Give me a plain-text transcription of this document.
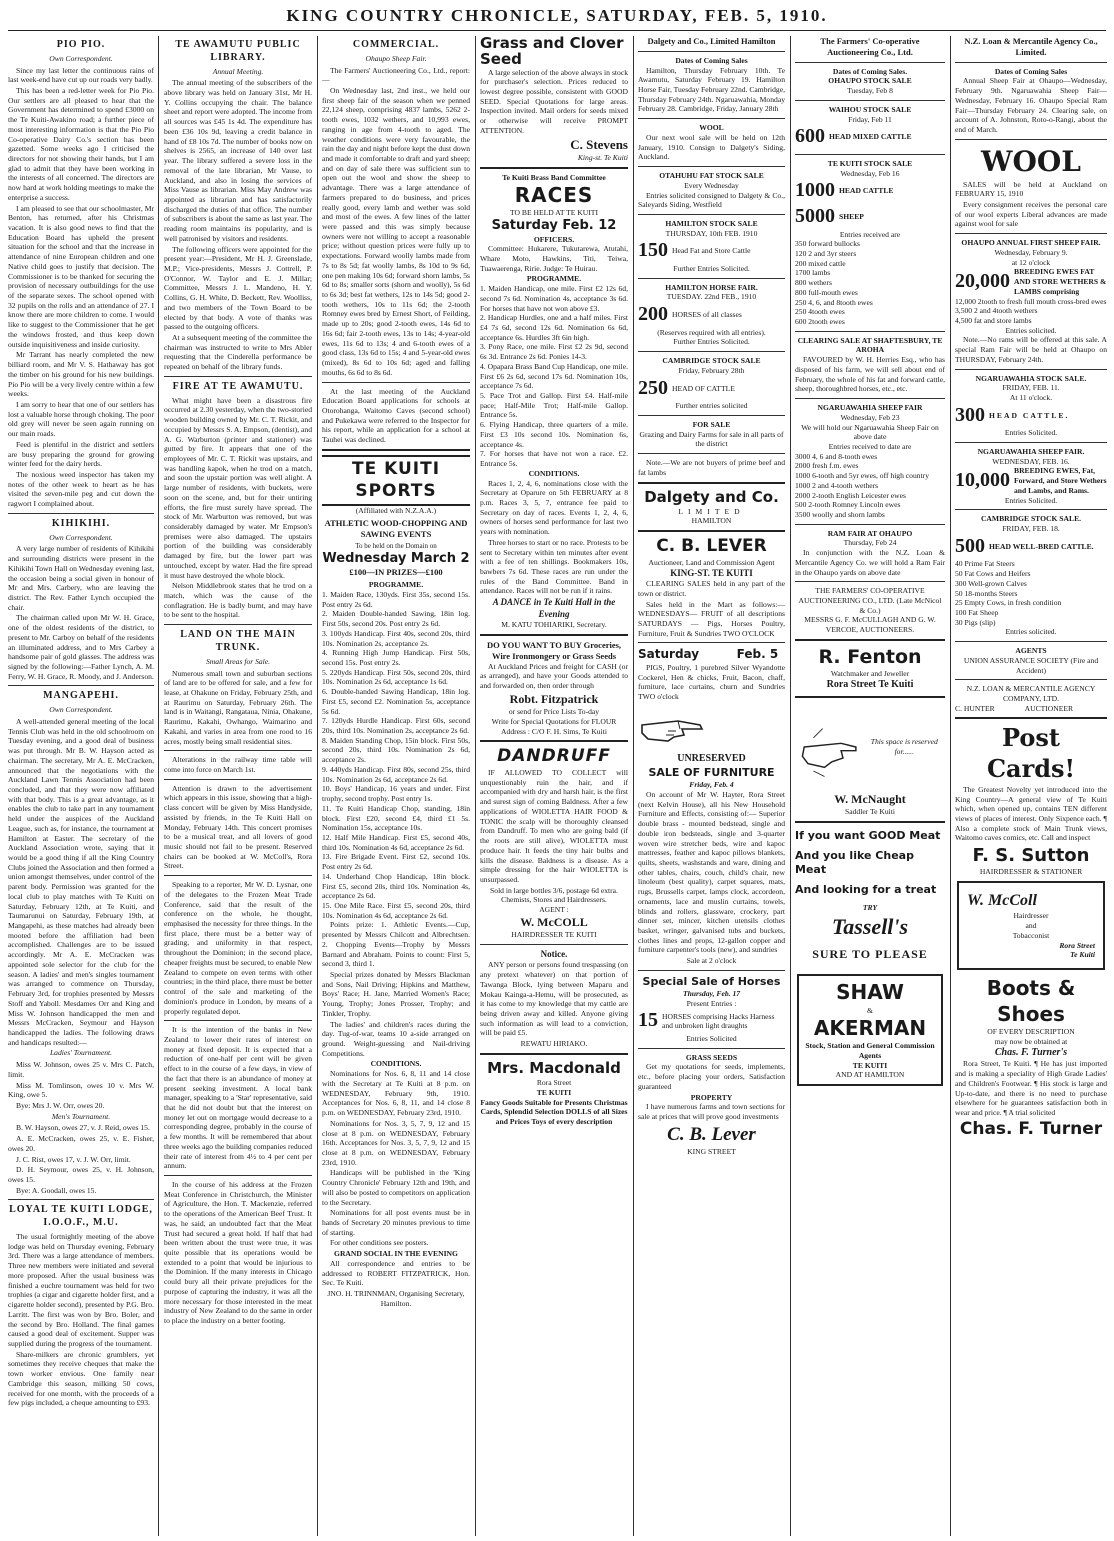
KING COUNTRY CHRONICLE, SATURDAY, FEB. 5, 1910.
PIO PIO.
Own Correspondent.

Since my last letter the continuous rains of last week-end have cut up our roads very badly.

This has been a red-letter week for Pio Pio. Our settlers are all pleased to hear that the Government has determined to spend £3000 on the Te Kuiti-Awakino road; a further piece of most interesting information is that the Pio Pio Co-operative Dairy Co.'s section has been gazetted. Some weeks ago I criticised the directors for not showing their hands, but I am glad to admit that they have been working in the interests of all concerned. The directors are now hard at work holding meetings to make the enterprise a success.

I am pleased to see that our schoolmaster, Mr Benton, has returned, after his Christmas vacation. It is also good news to find that the Education Board has upheld the present situation for the school and that the increase in attendance of nine European children and one Native child goes to justify that decision. The Commissioner is to be thanked for securing the provision of necessary outbuildings for the use of the separate sexes. The school opened with 32 pupils on the rolls and an attendance of 27. I know there are more children to come. I would like to suggest to the Commissioner that he get the windows frosted, and thus keep down outside inquisitiveness and inside curiosity.

Mr Tarrant has nearly completed the new billiard room, and Mr V. S. Hathaway has got the timber on his ground for his new buildings. Pio Pio will be a very lively centre within a few weeks.

I am sorry to hear that one of our settlers has lost a valuable horse through choking. The poor old grey will never be seen again running on our main roads.

Feed is plentiful in the district and settlers are busy preparing the ground for growing winter feed for the dairy herds.

The noxious weed inspector has taken my notes of the other week to heart as he has visited the seven-mile peg and cut down the ragwort I complained about.

KIHIKIHI.
Own Correspondent.

A very large number of residents of Kihikihi and surrounding districts were present in the Kihikihi Town Hall on Wednesday evening last, the occasion being a social given in honour of Mr and Mrs. Carbery, who are leaving the district. The Rev. Father Lynch occupied the chair.

The chairman called upon Mr W. H. Grace, one of the oldest residents of the district, to present to Mr. Carboy on behalf of the residents an illuminated address, and to Mrs Carbey a handsome pair of gold glasses. The address was signed by the following:—Father Lynch, A. M. Ferry, W. H. Grace, R. Moody, and J. Anderson.

MANGAPEHI.
Own Correspondent.

A well-attended general meeting of the local Tennis Club was held in the old schoolroom on Tuesday evening, and a good deal of business was put through. Mr B. W. Hayson acted as chairman. The secretary, Mr A. E. McCracken, announced that the negotiations with the Auckland Lawn Tennis Association had been concluded, and that they were now affiliated with that body. This is a great advantage, as it enables the club to take part in any tournament held under the auspices of the Auckland League, such as, for instance, the tournament at Hamilton at Easter. The secretary of the Auckland Association wrote, saying that it would be a good thing if all the King Country Clubs joined the Association and then formed a union amongst themselves, under control of the parent body. Permission was granted for the local club to play matches with Te Kuiti on Saturday, February 12th, at Te Kuiti, and Taumarunui on Saturday, February 19th, at Mangapehi, as these matches had already been mooted before the affiliation had been accomplished. Challenges are to be issued accordingly. Mr A. E. McCracken was appointed sole selector for the club for the season. A ladies' and men's singles tournament was arranged to commence on Thursday, February 3rd, for trophies presented by Messrs Stoff and Yaboll. Mesdames Orr and King and Miss W. Johnson handicapped the men and Messrs McCracken, Seymour and Hayson handicapped the ladies. The following draws and handicaps resulted:—

Ladies' Tournament.

Miss W. Johnson, owes 25 v. Mrs C. Patch, limit.

Miss M. Tomlinson, owes 10 v. Mrs W. King, owe 5.

Bye: Mrs J. W. Orr, owes 20.

Men's Tournament.

B. W. Hayson, owes 27, v. J. Reid, owes 15.

A. E. McCracken, owes 25, v. E. Fisher, owes 20.

J. C. Rist, owes 17, v. J. W. Orr, limit.

D. H. Seymour, owes 25, v. H. Johnson, owes 15.

Bye: A. Goodall, owes 15.

LOYAL TE KUITI LODGE, I.O.O.F., M.U.

The usual fortnightly meeting of the above lodge was held on Thursday evening, February 3rd. There was a large attendance of members. Three new members were initiated and several more proposed. After the usual business was finished a euchre tournament was held for two trophies (a cigar and cigarette holder first, and a cigarette holder second), presented by P.G. Bro. Larritt. The first was won by Bro. Boler, and the second by Bro. Holland. The final games caused a good deal of excitement. Supper was supplied during the progress of the tournament.

Share-milkers are chronic grumblers, yet sometimes they receive cheques that make the town worker envious. One family near Cambridge this season, milking 50 cows, received for one month, with the proceeds of a few pigs included, a cheque amounting to £93.

TE AWAMUTU PUBLIC LIBRARY.
Annual Meeting.

The annual meeting of the subscribers of the above library was held on January 31st, Mr H. Y. Collins occupying the chair. The balance sheet and report were adopted. The income from all sources was £45 1s 4d. The expenditure has been £36 10s 9d, leaving a credit balance in hand of £8 10s 7d. The number of books now on shelves is 2565, an increase of 140 over last year. The library suffered a severe loss in the removal of the late librarian, Mr Vause, to Auckland, and also in losing the services of Miss Vause as librarian. Miss May Andrew was appointed as librarian and has satisfactorily discharged the duties of that office. The number of subscribers is about the same as last year. The reading room maintains its popularity, and is well patronised by visitors and residents.

The following officers were appointed for the present year:—President, Mr H. J. Greenslade, M.P.; Vice-presidents, Messrs J. Cottrell, P. O'Connor, W. Taylor and E. J. Millar; Committee, Messrs J. L. Mandeno, H. Y. Collins, G. H. White, D. Beckett, Rev. Woolliss, and two members of the Town Board to be elected by that body. A vote of thanks was passed to the outgoing officers.

At a subsequent meeting of the committee the chairman was instructed to write to Mrs Abler requesting that the Cinderella performance be repeated on behalf of the library funds.

FIRE AT TE AWAMUTU.

What might have been a disastrous fire occurred at 2.30 yesterday, when the two-storied wooden building owned by Mr. C. T. Rickit, and occupied by Messrs S. A. Empson, (dentist), and A. G. Warburton (printer and stationer) was gutted by fire. It appears that one of the employees of Mr. C. T. Rickit was upstairs, and was handling kapok, when he trod on a match, and soon the upstair portion was well alight. A large number of residents, with buckets, were soon on the scene, and, but for their untiring efforts, the fire must surely have spread. The stock of Mr. Warburton was removed, but was considerably damaged by water. Mr Empson's premises were also damaged. The upstairs portion of the building was considerably damaged by fire, but the lower part was untouched, except by water. Had the fire spread it must have destroyed the whole block.

Nelson Middlebrook states that he trod on a match, which was the cause of the conflagration. He is badly burnt, and may have to be sent to the hospital.

LAND ON THE MAIN TRUNK.
Small Areas for Sale.

Numerous small town and suburban sections of land are to be offered for sale, and a few for lease, at Ohakune on Friday, February 25th, and at Raurimu on Saturday, February 26th. The land is in Waitangi, Rangataua, Ninia, Ohakune, Raurimu, Kakahi, Owhango, Waimarino and Kakahi, and varies in area from one rood to 16 acres, mostly being small residential sites.

Alterations in the railway time table will come into force on March 1st.

Attention is drawn to the advertisement which appears in this issue, showing that a high-class concert will be given by Miss Handyside, assisted by friends, in the Te Kuiti Hall on Monday, February 14th. This concert promises to be a musical treat, and all lovers of good music should not fail to be present. Reserved chairs can be booked at W. McColl's, Rora Street.

Speaking to a reporter, Mr W. D. Lysnar, one of the delegates to the Frozen Meat Trade Conference, said that the result of the conference on the whole, he thought, emphasised the necessity for three things. In the first place, there must be a better way of grading, and uniformity in that respect, throughout the Dominion; in the second place, cheaper freights must be secured, to enable New Zealand to compete on even terms with other countries; in the third place, there must be better control of the sale and marketing of the dominion's produce in London, by means of a properly regulated depot.

It is the intention of the banks in New Zealand to lower their rates of interest on money at fixed deposit. It is expected that a reduction of one-half per cent will be given effect to in the course of a few days, in view of the fact that there is an abundance of money at present seeking investment. A local bank manager, speaking to a 'Star' representative, said that he did not doubt but that the interest on money let out on mortgage would decrease to a corresponding degree, probably in the course of a few months. It will be remembered that about three weeks ago the building companies reduced their rate of interest from 4½ to 4 per cent per annum.

In the course of his address at the Frozen Meat Conference in Christchurch, the Minister of Agriculture, the Hon. T. Mackenzie, referred to the operations of the American Beef Trust. It was, he said, an undoubted fact that the Meat Trust had secured a great hold. If half that had been written about the trust were true, it was quite possible that its operations would be extended to a point that would be injurious to the Dominion. If the many interests in Chicago could bury all their private prejudices for the purpose of capturing the industry, it was all the more necessary for those interested in the meat industry of New Zealand to do the same in order to place the industry on a better footing.

COMMERCIAL.
Ohaupo Sheep Fair.

The Farmers' Auctioneering Co., Ltd., report:—

On Wednesday last, 2nd inst., we held our first sheep fair of the season when we penned 22,124 sheep, comprising 4837 lambs, 5262 2-tooth ewes, 1032 wethers, and 10,993 ewes, ranging in age from 4-tooth to aged. The weather conditions were very favourable, the rain the day and night before kept the dust down and made it comfortable to draft and yard sheep; and on day of sale there was sufficient sun to open out the wool and show the sheep to advantage. There was a large attendance of farmers prepared to do business, and prices really good, every lamb and wether was sold and most of the ewes. A few lines of the latter were passed and this was simply because owners were not willing to accept a reasonable price; without question prices were fully up to expectations. Forward woolly lambs made from 7s to 8s 5d; fat woolly lambs, 8s 10d to 9s 6d, one pen making 10s 6d; forward shorn lambs, 5s 6d to 8s; smaller sorts (shorn and woolly), 5s 6d to 6s 3d; best fat wethers, 12s to 14s 5d; good 2-tooth wethers, 10s to 11s 6d; the 2-tooth Romney ewes bred by Ernest Short, of Feilding, made up to 20s; good 2-tooth ewes, 14s 6d to 16s 6d; fair 2-tooth ewes, 13s to 14s; 4-year-old ewes, 11s 6d to 13s; 4 and 6-tooth ewes of a good class, 13s 6d to 15s; 4 and 5-year-old ewes (mixed), 8s 6d to 10s 6d; aged and falling mouths, 6s 6d to 8s 6d.

At the last meeting of the Auckland Education Board applications for schools at Otorohanga, Waitomo Caves (second school) and Pukekawa were referred to the Inspector for his report, while an application for a school at Tauhei was declined.

TE KUITI SPORTS
(Affiliated with N.Z.A.A.)
ATHLETIC WOOD-CHOPPING AND SAWING EVENTS
To be held on the Domain on
Wednesday March 2
£100—IN PRIZES—£100
PROGRAMME.
1. Maiden Race, 130yds. First 35s, second 15s. Post entry 2s 6d.
2. Maiden Double-handed Sawing, 18in log. First 50s, second 20s. Post entry 2s 6d.
3. 100yds Handicap. First 40s, second 20s, third 10s. Nomination 2s, acceptance 2s.
4. Running High Jump Handicap. First 50s, second 15s. Post entry 2s.
5. 220yds Handicap. First 50s, second 20s, third 10s. Nomination 2s 6d, acceptance 1s 6d.
6. Double-handed Sawing Handicap, 18in log. First £5, second £2. Nomination 5s, acceptance 5s 6d.
7. 120yds Hurdle Handicap. First 60s, second 20s, third 10s. Nomination 2s, acceptance 2s 6d.
8. Maiden Standing Chop, 15in block. First 50s, second 20s, third 10s. Nomination 2s 6d, acceptance 2s.
9. 440yds Handicap. First 80s, second 25s, third 10s. Nomination 2s 6d, acceptance 2s 6d.
10. Boys' Handicap, 16 years and under. First trophy, second trophy. Post entry 1s.
11. Te Kuiti Handicap Chop, standing, 18in block. First £20, second £4, third £1 5s. Nomination 15s, acceptance 10s.
12. Half Mile Handicap. First £5, second 40s, third 10s. Nomination 4s 6d, acceptance 2s 6d.
13. Fire Brigade Event. First £2, second 10s. Post entry 2s 6d.
14. Underhand Chop Handicap, 18in block. First £5, second 20s, third 10s. Nomination 4s, acceptance 2s 6d.
15. One Mile Race. First £5, second 20s, third 10s. Nomination 4s 6d, acceptance 2s 6d.

Points prize: 1. Athletic Events.—Cup, presented by Messrs Chilcott and Albrechtsen. 2. Chopping Events—Trophy by Messrs Barnard and Abraham. Points to count: First 5, second 3, third 1.

Special prizes donated by Messrs Blackman and Sons, Nail Driving; Hipkins and Matthew, Boys' Race; H. Jane, Married Women's Race; Young, Trophy; Jones Prosser, Trophy; and Tinkler, Trophy.

The ladies' and children's races during the day. Tug-of-war, teams 10 a-side arranged on ground. Weight-guessing and Nail-driving Competitions.

CONDITIONS.

Nominations for Nos. 6, 8, 11 and 14 close with the Secretary at Te Kuiti at 8 p.m. on WEDNESDAY, February 9th, 1910. Acceptances for Nos. 6, 8, 11, and 14 close 8 p.m. on WEDNESDAY, February 23rd, 1910.

Nominations for Nos. 3, 5, 7, 9, 12 and 15 close at 8 p.m. on WEDNESDAY, February 16th. Acceptances for Nos. 3, 5, 7, 9, 12 and 15 close at 8 p.m. on WEDNESDAY, February 23rd, 1910.

Handicaps will be published in the 'King Country Chronicle' February 12th and 19th, and will also be posted to competitors on application to the Secretary.

Nominations for all post events must be in hands of Secretary 20 minutes previous to time of starting.

For other conditions see posters.

GRAND SOCIAL IN THE EVENING

All correspondence and entries to be addressed to ROBERT FITZPATRICK, Hon. Sec. Te Kuiti.

JNO. H. TRINNMAN, Organising Secretary, Hamilton.

Grass and Clover Seed

A large selection of the above always in stock for purchaser's selection. Prices reduced to lowest degree possible, consistent with GOOD SEED. Special Quotations for large areas. Inspection invited. Mail orders for seeds mixed or otherwise will receive PROMPT ATTENTION.

C. Stevens
King-st. Te Kuiti
Te Kuiti Brass Band Committee
RACES
TO BE HELD AT TE KUITI
Saturday Feb. 12
OFFICERS.

Committee: Hukarere, Tukutarewa, Atutahi, Whare Moto, Hawkins, Titi, Teiwa, Tuawaerenga, Ririe. Judge: Te Huirau.

PROGRAMME.
1. Maiden Handicap, one mile. First £2 12s 6d, second 7s 6d. Nomination 4s, acceptance 3s 6d. For horses that have not won above £3.
2. Handicap Hurdles, one and a half miles. First £4 7s 6d, second 12s 6d. Nomination 6s 6d, acceptance 6s. Hurdles 3ft 6in high.
3. Pony Race, one mile. First £2 2s 9d, second 6s 3d. Entrance 2s 6d. Ponies 14-3.
4. Opapara Brass Band Cup Handicap, one mile. First £6 2s 6d, second 17s 6d. Nomination 10s, acceptance 7s 6d.
5. Pace Trot and Gallop. First £4. Half-mile pace; Half-Mile Trot; Half-mile Gallop. Entrance 5s.
6. Flying Handicap, three quarters of a mile. First £3 10s second 10s. Nomination 6s, acceptance 4s.
7. For horses that have not won a race. £2. Entrance 5s.
CONDITIONS.

Races 1, 2, 4, 6, nominations close with the Secretary at Oparure on 5th FEBRUARY at 8 p.m. Races 3, 5, 7, entrance fee paid to Secretary on day of races. Events 1, 2, 4, 6, owners of horses send performance for last two years with nomination.

Three horses to start or no race. Protests to be sent to Secretary within ten minutes after event with a fee of ten shillings. Bookmakers 10s, bawbers 7s 6d. These races are run under the rules of the Band Committee. Band in attendance. Races will not be run if it rains.

A DANCE in Te Kuiti Hall in the Evening
M. KATU TOHIARIKI, Secretary.
DO YOU WANT TO BUY Groceries, Wire Ironmongery or Grass Seeds

At Auckland Prices and freight for CASH (or as arranged), and have your Goods attended to and forwarded on, then order through

Robt. Fitzpatrick
or send for Price Lists To-day
Write for Special Quotations for FLOUR
Address : C/O F. H. Sims, Te Kuiti
DANDRUFF

IF ALLOWED TO COLLECT will unquestionably ruin the hair, and if accompanied with dry and harsh hair, is the first and surest sign of coming Baldness. After a few applications of WIOLETTA HAIR FOOD & TONIC the scalp will be thoroughly cleansed from Dandruff. To men who are going bald (if the roots are still alive), WIOLETTA must produce hair. It feeds the tiny hair bulbs and kills the disease. Baldness is a disease. As a simple dressing for the hair WIOLETTA is unsurpassed.

Sold in large bottles 3/6, postage 6d extra. Chemists, Stores and Hairdressers.
AGENT :
W. McCOLL
HAIRDRESSER TE KUITI
Notice.

ANY person or persons found trespassing (on any pretext whatever) on that portion of Tawanga Block, lying between Maparu and Mokau Kainga-a-Hemu, will be prosecuted, as it has come to my knowledge that my cattle are being driven away and killed. Anyone giving such information as will lead to a conviction, will be paid £5.

REWATU HIRIAKO.
Mrs. Macdonald
Rora Street
TE KUITI
Fancy Goods Suitable for Presents Christmas Cards, Splendid Selection DOLLS of all Sizes and Prices Toys of every description
Dalgety and Co., Limited Hamilton
Dates of Coming Sales

Hamilton, Thursday February 10th. Te Awamutu, Saturday February 19. Hamilton Horse Fair, Tuesday February 22nd. Cambridge, Thursday February 24th. Ngaruawahia, Monday February 28. Cambridge, Friday, January 28th

WOOL

Our next wool sale will be held on 12th January, 1910. Consign to Dalgety's Siding, Auckland.

OTAHUHU FAT STOCK SALE
Every Wednesday

Entries solicited consigned to Dalgety & Co., Saleyards Siding, Westfield

HAMILTON STOCK SALE
THURSDAY, 10th FEB. 1910
150 Head Fat and Store Cattle
Further Entries Solicited.
HAMILTON HORSE FAIR.
TUESDAY. 22nd FEB., 1910
200 HORSES of all classes
(Reserves required with all entries).
Further Entries Solicited.
CAMBRIDGE STOCK SALE
Friday, February 28th
250 HEAD OF CATTLE
Further entries solicited
FOR SALE
Grazing and Dairy Farms for sale in all parts of the district

Note.—We are not buyers of prime beef and fat lambs

Dalgety and Co.
LIMITED
HAMILTON
C. B. LEVER
Auctioneer, Land and Commission Agent
KING-ST. TE KUITI

CLEARING SALES held in any part of the town or district.

Sales held in the Mart as follows:— WEDNESDAYS— FRUIT of all descriptions SATURDAYS — Pigs, Horses Poultry, Furniture, Fruit & Sundries TWO O'CLOCK

Saturday         Feb. 5

PIGS, Poultry, 1 purebred Silver Wyandotte Cockerel, Hen & chicks, Fruit, Bacon, chaff, furniture, lace curtains, churn and Sundries TWO o'clock

UNRESERVED
SALE OF FURNITURE
Friday, Feb. 4

On account of Mr W. Hayter, Rora Street (next Kelvin House), all his New Household Furniture and Effects, consisting of:— Superior double brass - mounted bedstead, single and double iron bedsteads, single and 3-quarter woven wire stretcher beds, wire and kapoc mattresses, feather and kapoc pillows blankets, quilts, sheets, washstands and ware, dining and other tables, chairs, couch, child's chair, new linoleum (best quality), carpet squares, mats, rugs, Brussells carpet, lamps clock, accordeon, ornaments, lace and muslin curtains, towels, blinds and rollers, glassware, crockery, part dinner set, mincer, kitchen utensils clothes basket, wringer, galvanised tubs and buckets, clothes lines and props, 12-gallon copper and furniture carpenter's tools (new), and sundries

Sale at 2 o'clock
Special Sale of Horses
Thursday, Feb. 17
Present Entries :
15 HORSES comprising Hacks Harness and unbroken light draughts
Entries Solicited
GRASS SEEDS

Get my quotations for seeds, implements, etc., before placing your orders, Satisfaction guaranteed

PROPERTY

I have numerous farms and town sections for sale at prices that will prove good investments

C. B. Lever
KING STREET
The Farmers' Co-operative Auctioneering Co., Ltd.
Dates of Coming Sales.
OHAUPO STOCK SALE
Tuesday, Feb 8
WAIHOU STOCK SALE
Friday, Feb 11
600 HEAD MIXED CATTLE
TE KUITI STOCK SALE
Wednesday, Feb 16
1000 HEAD CATTLE
5000 SHEEP
Entries received are
350 forward bullocks
120 2 and 3yr steers
200 mixed cattle
1700 lambs
800 wethers
800 full-mouth ewes
250 4, 6, and 8tooth ewes
250 4tooth ewes
600 2tooth ewes
CLEARING SALE AT SHAFTESBURY, TE AROHA

FAVOURED by W. H. Herries Esq., who has disposed of his farm, we will sell about end of February, the whole of his fat and forward cattle, sheep, thoroughbred horses, etc., etc.

NGARUAWAHIA SHEEP FAIR
Wednesday, Feb 23
We will hold our Ngaruawahia Sheep Fair on above date
Entries received to date are
3000 4, 6 and 8-tooth ewes
2000 fresh f.m. ewes
1000 6-tooth and 5yr ewes, off high country
1000 2 and 4-tooth wethers
2000 2-tooth English Leicester ewes
500 2-tooth Romney Lincoln ewes
3500 woolly and shorn lambs
RAM FAIR AT OHAUPO
Thursday, Feb 24

In conjunction with the N.Z. Loan & Mercantile Agency Co. we will hold a Ram Fair in the Ohaupo yards on above date

THE FARMERS' CO-OPERATIVE AUCTIONEERING CO., LTD. (Late McNicol & Co.)
MESSRS G. F. McCULLAGH AND G. W. VERCOE, AUCTIONEERS.
R. Fenton
Watchmaker and Jeweller
Rora Street Te Kuiti
This space is reserved for......
W. McNaught
Saddler Te Kuiti
If you want GOOD Meat
And you like Cheap Meat
And looking for a treat
TRY
Tassell's
SURE TO PLEASE
SHAW
&
AKERMAN
Stock, Station and General Commission Agents
TE KUITI
AND AT HAMILTON
N.Z. Loan & Mercantile Agency Co., Limited.
Dates of Coming Sales

Annual Sheep Fair at Ohaupo—Wednesday, February 9th. Ngaruawahia Sheep Fair—Wednesday, February 16. Ohaupo Special Ram Fair—Thursday February 24. Clearing sale, on account of A. Johnston, Roto-o-Rangi, about the end of March.

WOOL

SALES will be held at Auckland on FEBRUARY 15, 1910

Every consignment receives the personal care of our wool experts Liberal advances are made against wool for sale

OHAUPO ANNUAL FIRST SHEEP FAIR.
Wednesday, February 9.
at 12 o'clock
20,000 BREEDING EWES FAT AND STORE WETHERS & LAMBS comprising
12,000 2tooth to fresh full mouth cross-bred ewes
3,500 2 and 4tooth wethers
4,500 fat and store lambs
Entries solicited.

Note.—No rams will be offered at this sale. A special Ram Fair will be held at Ohaupo on THURSDAY, February 24th.

NGARUAWAHIA STOCK SALE.
FRIDAY, FEB. 11.
At 11 o'clock.
300 HEAD CATTLE.
Entries Solicited.
NGARUAWAHIA SHEEP FAIR.
WEDNESDAY, FEB. 16.
10,000 BREEDING EWES, Fat, Forward, and Store Wethers and Lambs, and Rams.
Entries Solicited.
CAMBRIDGE STOCK SALE.
FRIDAY, FEB. 18.
500 HEAD WELL-BRED CATTLE.
40 Prime Fat Steers
50 Fat Cows and Heifers
300 Well-grown Calves
50 18-months Steers
25 Empty Cows, in fresh condition
100 Fat Sheep
30 Pigs (slip)
Entries solicited.
AGENTS
UNION ASSURANCE SOCIETY (Fire and Accident)
N.Z. LOAN & MERCANTILE AGENCY COMPANY, LTD.
C. HUNTER                AUCTIONEER
Post Cards!

The Greatest Novelty yet introduced into the King Country—A general view of Te Kuiti which, when opened up, contains TEN different views of places of interest. Only Sixpence each. ¶ Also a complete stock of Main Trunk views, Waitomo caves comics, etc. Call and inspect

F. S. Sutton
HAIRDRESSER & STATIONER
W. McColl
Hairdresser
and
Tobacconist
Rora Street
Te Kuiti
Boots & Shoes
OF EVERY DESCRIPTION
may now be obtained at
Chas. F. Turner's

Rora Street, Te Kuiti. ¶ He has just imported and is making a speciality of High Grade Ladies' and Children's Footwear. ¶ His stock is large and Up-to-date, and there is no need to purchase elsewhere for he guarantees satisfaction both in wear and price. ¶ A trial solicited

Chas. F. Turner
